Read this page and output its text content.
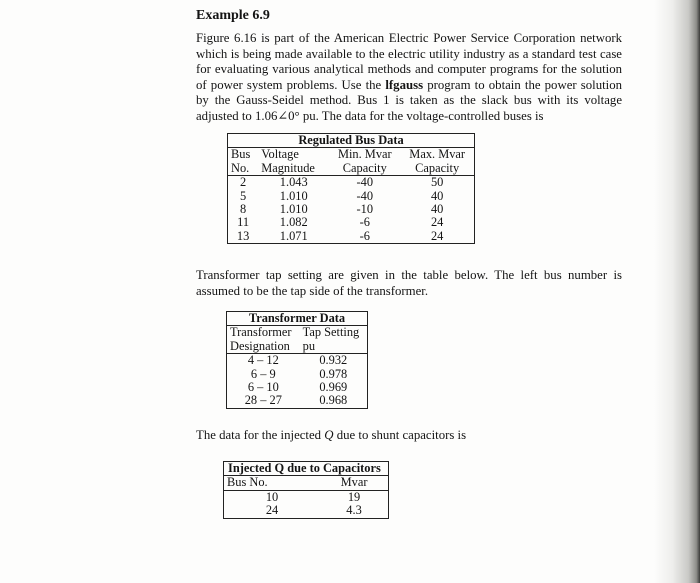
Example 6.9
Figure 6.16 is part of the American Electric Power Service Corporation network which is being made available to the electric utility industry as a standard test case for evaluating various analytical methods and computer programs for the solution of power system problems. Use the lfgauss program to obtain the power solution by the Gauss-Seidel method. Bus 1 is taken as the slack bus with its voltage adjusted to 1.06∠0° pu. The data for the voltage-controlled buses is
Regulated Bus Data			
Bus	Voltage	Min. Mvar	Max. Mvar
No.	Magnitude	Capacity	Capacity
2	1.043	-40	50
5	1.010	-40	40
8	1.010	-10	40
11	1.082	-6	24
13	1.071	-6	24
Transformer tap setting are given in the table below. The left bus number is assumed to be the tap side of the transformer.
Transformer Data	
Transformer	Tap Setting
Designation	pu
4 – 12	0.932
6 – 9	0.978
6 – 10	0.969
28 – 27	0.968
The data for the injected Q due to shunt capacitors is
Injected Q due to Capacitors	
Bus No.	Mvar
10	19
24	4.3
